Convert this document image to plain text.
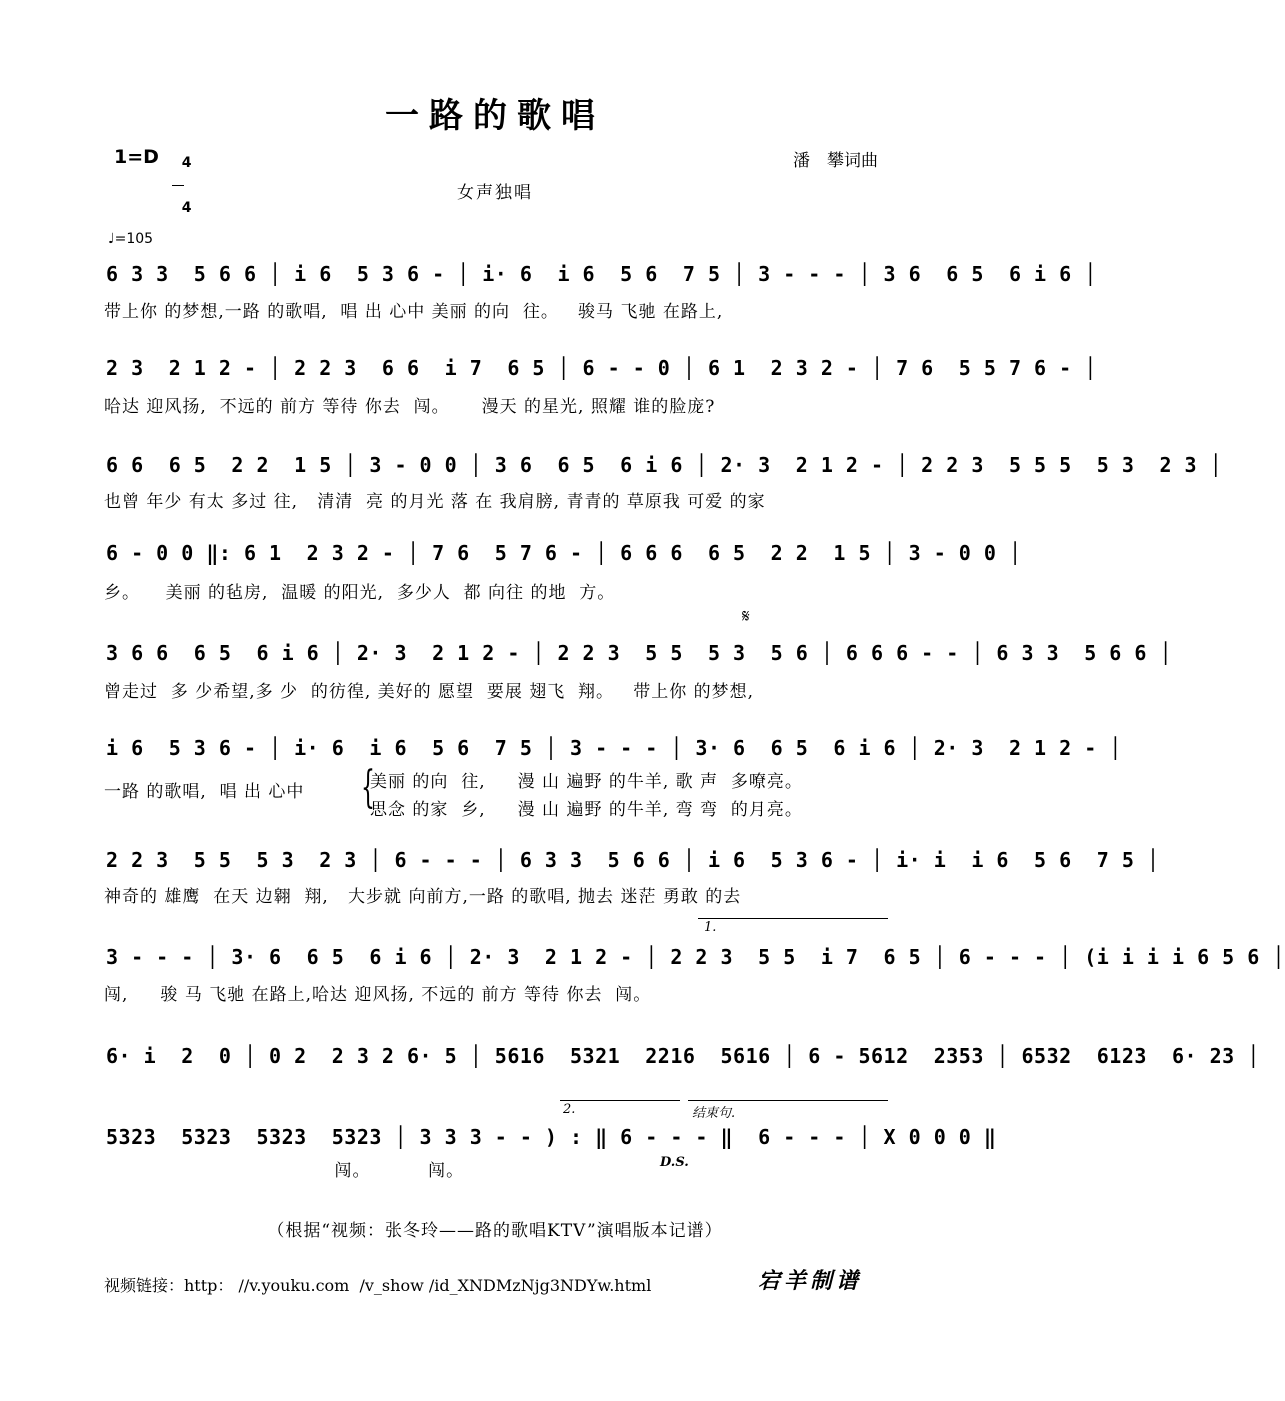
一路的歌唱
1=D	4

4

潘　攀词曲
女声独唱
♩=105
6 3 3  5 6 6 │ i 6  5 3 6 - │ i· 6  i 6  5 6  7 5 │ 3 - - - │ 3 6  6 5  6 i 6 │
带上你 的梦想,一路 的歌唱,  唱 出 心中 美丽 的向  往。   骏马 飞驰 在路上,
2 3  2 1 2 - │ 2 2 3  6 6  i 7  6 5 │ 6 - - 0 │ 6 1  2 3 2 - │ 7 6  5 5 7 6 - │
哈达 迎风扬,  不远的 前方 等待 你去  闯。     漫天 的星光, 照耀 谁的脸庞?
6 6  6 5  2 2  1 5 │ 3 - 0 0 │ 3 6  6 5  6 i 6 │ 2· 3  2 1 2 - │ 2 2 3  5 5 5  5 3  2 3 │
也曾 年少 有太 多过 往,   清清  亮 的月光 落 在 我肩膀, 青青的 草原我 可爱 的家
6 - 0 0 ‖: 6 1  2 3 2 - │ 7 6  5 7 6 - │ 6 6 6  6 5  2 2  1 5 │ 3 - 0 0 │
乡。    美丽 的毡房,  温暖 的阳光,  多少人  都 向往 的地  方。
𝄋
3 6 6  6 5  6 i 6 │ 2· 3  2 1 2 - │ 2 2 3  5 5  5 3  5 6 │ 6 6 6 - - │ 6 3 3  5 6 6 │
曾走过  多 少希望,多 少  的彷徨, 美好的 愿望  要展 翅飞  翔。   带上你 的梦想,
i 6  5 3 6 - │ i· 6  i 6  5 6  7 5 │ 3 - - - │ 3· 6  6 5  6 i 6 │ 2· 3  2 1 2 - │
一路 的歌唱,  唱 出 心中	美丽 的向  往,     漫 山 遍野 的牛羊, 歌 声  多嘹亮。
思念 的家  乡,     漫 山 遍野 的牛羊, 弯 弯  的月亮。
{
2 2 3  5 5  5 3  2 3 │ 6 - - - │ 6 3 3  5 6 6 │ i 6  5 3 6 - │ i· i  i 6  5 6  7 5 │
神奇的 雄鹰  在天 边翱  翔,   大步就 向前方,一路 的歌唱, 抛去 迷茫 勇敢 的去
1.
3 - - - │ 3· 6  6 5  6 i 6 │ 2· 3  2 1 2 - │ 2 2 3  5 5  i 7  6 5 │ 6 - - - │ (i i i i 6 5 6 │
闯,     骏 马 飞驰 在路上,哈达 迎风扬, 不远的 前方 等待 你去  闯。
6· i  2  0 │ 0 2  2 3 2 6· 5 │ 5616  5321  2216  5616 │ 6 - 5612  2353 │ 6532  6123  6· 23 │
2.	结束句.
5323  5323  5323  5323 │ 3 3 3 - - ) : ‖ 6 - - - ‖  6 - - - │ X 0 0 0 ‖
闯。         闯。	D.S.
（根据“视频：张冬玲——路的歌唱KTV”演唱版本记谱）
视频链接：http： //v.youku.com  /v_show /id_XNDMzNjg3NDYw.html	宕羊制谱
